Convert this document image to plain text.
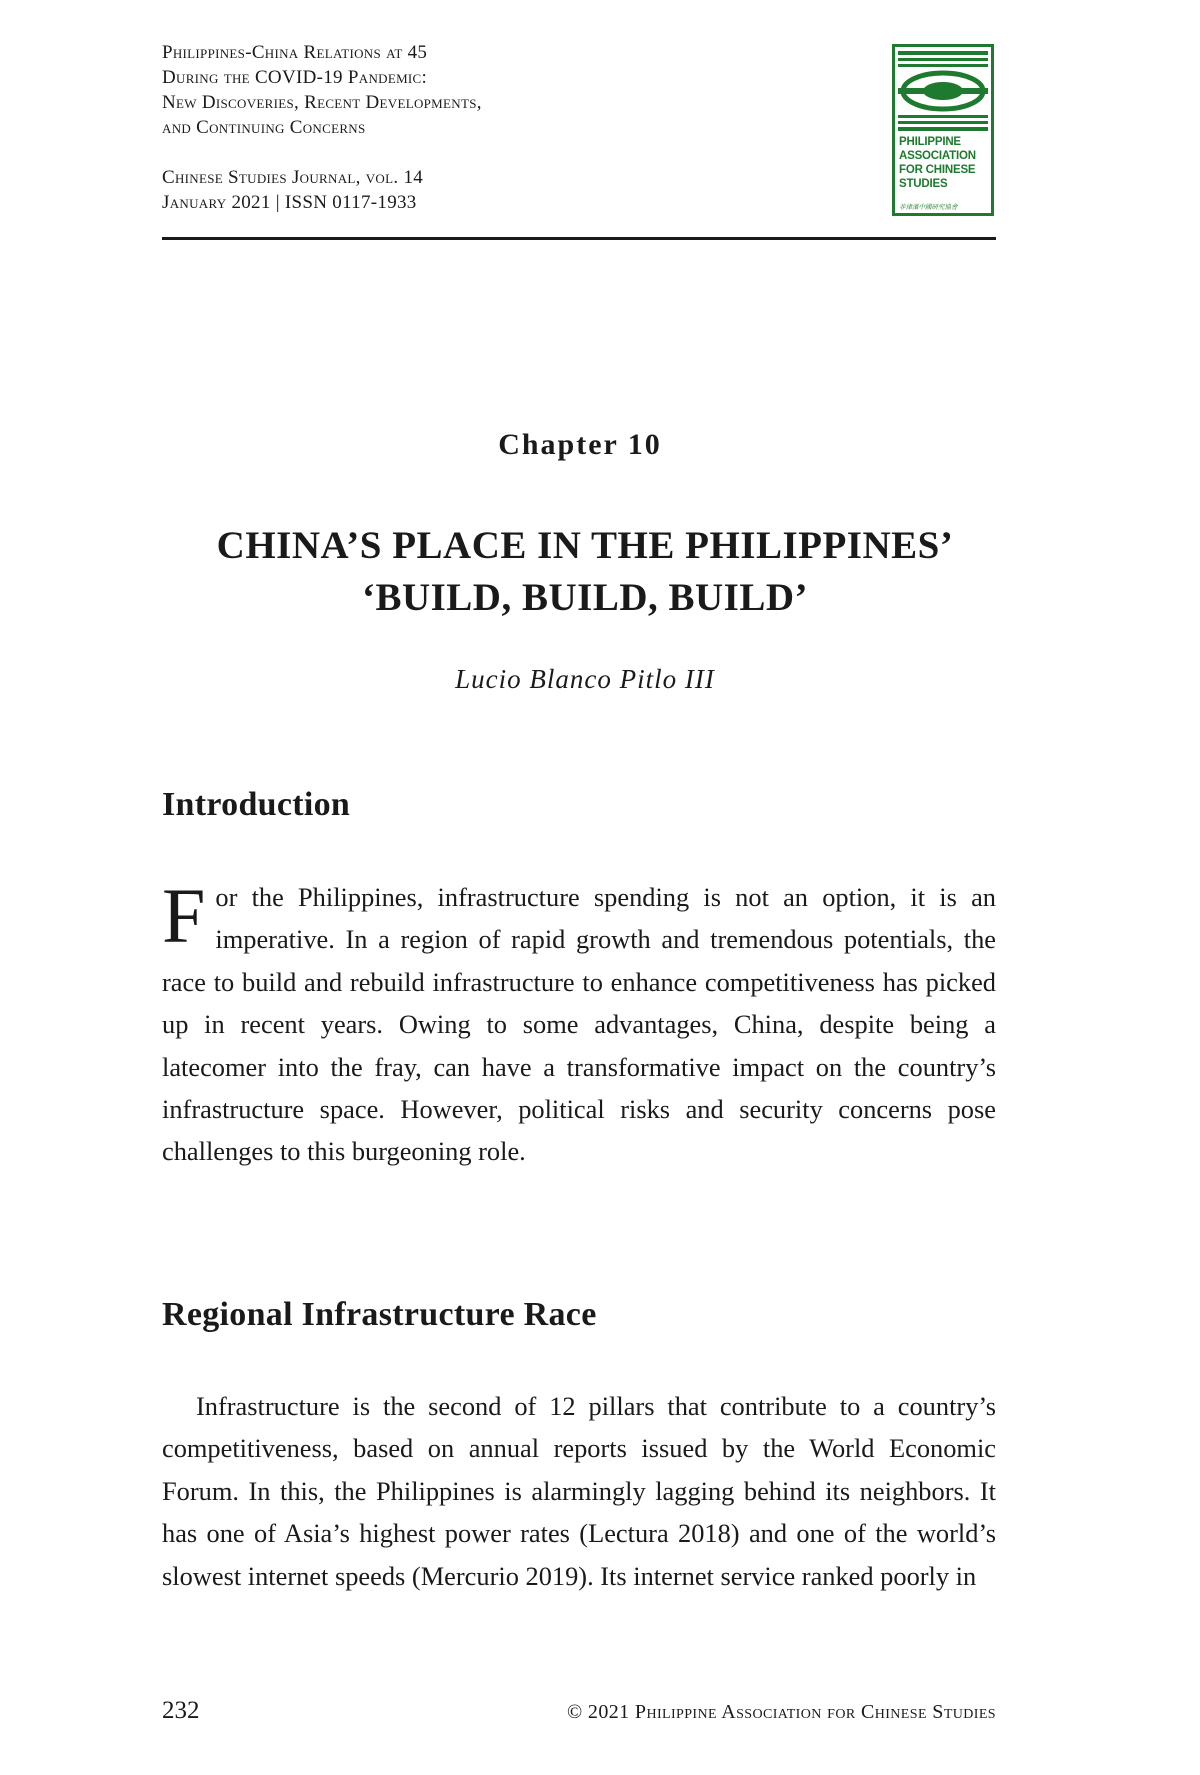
Philippines-China Relations at 45
During the COVID-19 Pandemic:
New Discoveries, Recent Developments,
and Continuing Concerns
Chinese Studies Journal, vol. 14
January 2021 | ISSN 0117-1933
PHILIPPINE
ASSOCIATION
FOR CHINESE
STUDIES
菲律濱中國研究協會
Chapter 10
CHINA’S PLACE IN THE PHILIPPINES’
‘BUILD, BUILD, BUILD’
Lucio Blanco Pitlo III
Introduction

For the Philippines, infrastructure spending is not an option, it is an imperative. In a region of rapid growth and tremendous potentials, the race to build and rebuild infrastructure to enhance competitiveness has picked up in recent years. Owing to some advantages, China, despite being a latecomer into the fray, can have a transformative impact on the country’s infrastructure space. However, political risks and security concerns pose challenges to this burgeoning role.

Regional Infrastructure Race

Infrastructure is the second of 12 pillars that contribute to a country’s competitiveness, based on annual reports issued by the World Economic Forum. In this, the Philippines is alarmingly lagging behind its neighbors. It has one of Asia’s highest power rates (Lectura 2018) and one of the world’s slowest internet speeds (Mercurio 2019). Its internet service ranked poorly in

232	© 2021 Philippine Association for Chinese Studies
